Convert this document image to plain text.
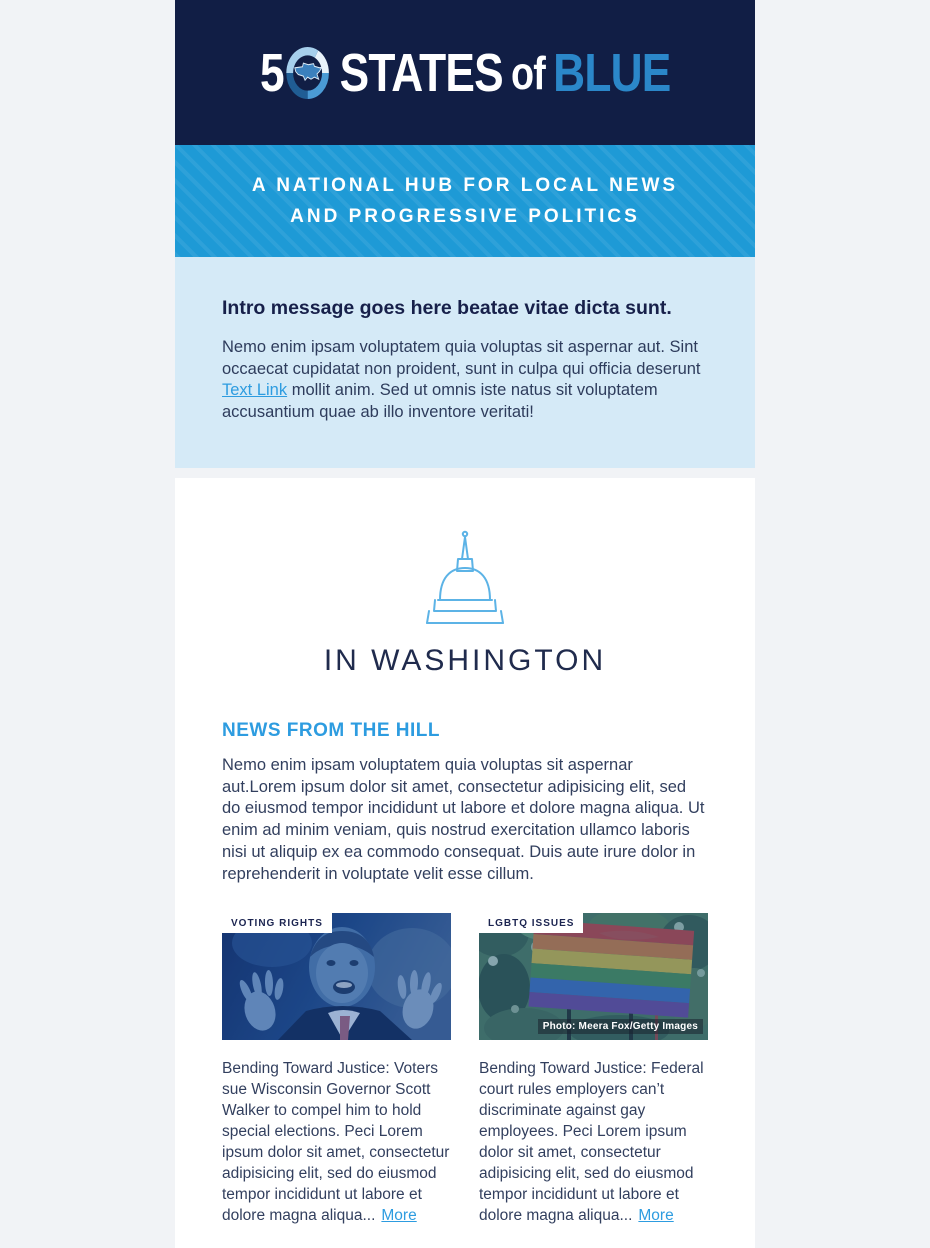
5 STATES of BLUE
A NATIONAL HUB FOR LOCAL NEWS
AND PROGRESSIVE POLITICS
Intro message goes here beatae vitae dicta sunt.
Nemo enim ipsam voluptatem quia voluptas sit aspernar aut. Sint occaecat cupidatat non proident, sunt in culpa qui officia deserunt Text Link mollit anim. Sed ut omnis iste natus sit voluptatem accusantium quae ab illo inventore veritati!
IN WASHINGTON
NEWS FROM THE HILL
Nemo enim ipsam voluptatem quia voluptas sit aspernar aut.Lorem ipsum dolor sit amet, consectetur adipisicing elit, sed do eiusmod tempor incididunt ut labore et dolore magna aliqua. Ut enim ad minim veniam, quis nostrud exercitation ullamco laboris nisi ut aliquip ex ea commodo consequat. Duis aute irure dolor in reprehenderit in voluptate velit esse cillum.
VOTING RIGHTS
Bending Toward Justice: Voters sue Wisconsin Governor Scott Walker to compel him to hold special elections. Peci Lorem ipsum dolor sit amet, consectetur adipisicing elit, sed do eiusmod tempor incididunt ut labore et dolore magna aliqua... More
LGBTQ ISSUES
Photo: Meera Fox/Getty Images
Bending Toward Justice: Federal court rules employers can’t discriminate against gay employees. Peci Lorem ipsum dolor sit amet, consectetur adipisicing elit, sed do eiusmod tempor incididunt ut labore et dolore magna aliqua... More
